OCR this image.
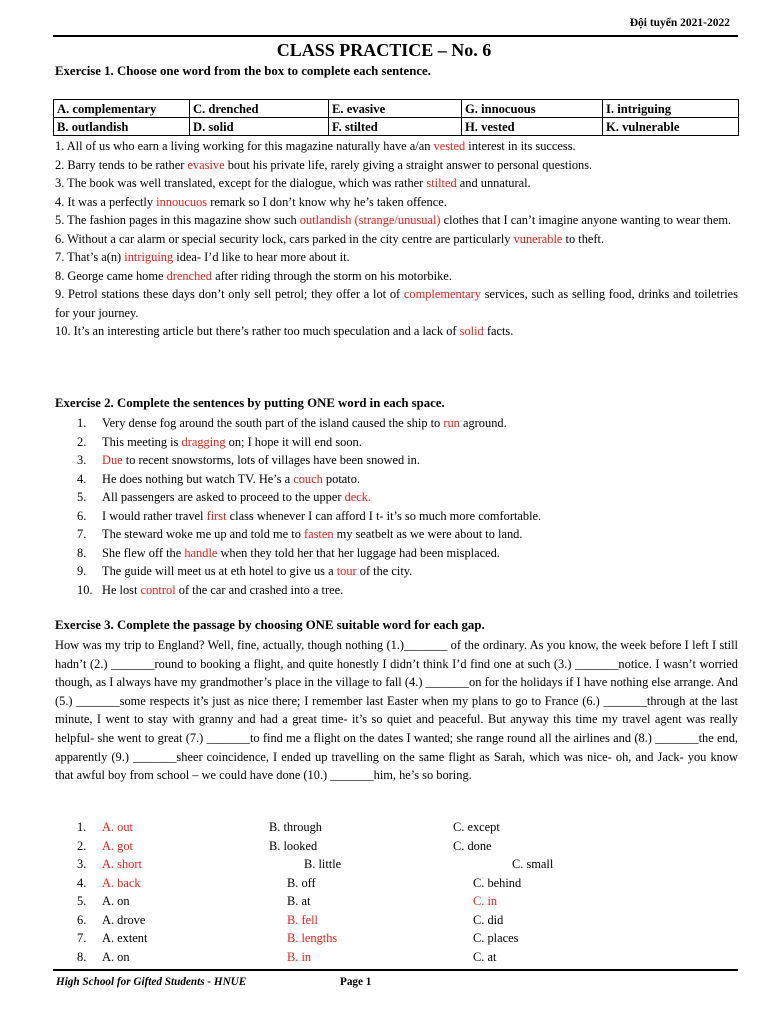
Đội tuyển 2021-2022
CLASS PRACTICE – No. 6
Exercise 1. Choose one word from the box to complete each sentence.
A. complementary	C. drenched	E. evasive	G. innocuous	I. intriguing
B. outlandish	D. solid	F. stilted	H. vested	K. vulnerable

1. All of us who earn a living working for this magazine naturally have a/an vested interest in its success.

2. Barry tends to be rather evasive bout his private life, rarely giving a straight answer to personal questions.

3. The book was well translated, except for the dialogue, which was rather stilted and unnatural.

4. It was a perfectly innoucuos remark so I don’t know why he’s taken offence.

5. The fashion pages in this magazine show such outlandish (strange/unusual) clothes that I can’t imagine anyone wanting to wear them.

6. Without a car alarm or special security lock, cars parked in the city centre are particularly vunerable to theft.

7. That’s a(n) intriguing idea- I’d like to hear more about it.

8. George came home drenched after riding through the storm on his motorbike.

9. Petrol stations these days don’t only sell petrol; they offer a lot of complementary services, such as selling food, drinks and toiletries for your journey.

10. It’s an interesting article but there’s rather too much speculation and a lack of solid facts.

Exercise 2. Complete the sentences by putting ONE word in each space.
1. Very dense fog around the south part of the island caused the ship to run aground.
2. This meeting is dragging on; I hope it will end soon.
3. Due to recent snowstorms, lots of villages have been snowed in.
4. He does nothing but watch TV. He’s a couch potato.
5. All passengers are asked to proceed to the upper deck.
6. I would rather travel first class whenever I can afford I t- it’s so much more comfortable.
7. The steward woke me up and told me to fasten my seatbelt as we were about to land.
8. She flew off the handle when they told her that her luggage had been misplaced.
9. The guide will meet us at eth hotel to give us a tour of the city.
10. He lost control of the car and crashed into a tree.
Exercise 3. Complete the passage by choosing ONE suitable word for each gap.

How was my trip to England? Well, fine, actually, though nothing (1.)_______ of the ordinary. As you know, the week before I left I still hadn’t (2.) _______round to booking a flight, and quite honestly I didn’t think I’d find one at such (3.) _______notice. I wasn’t worried though, as I always have my grandmother’s place in the village to fall (4.) _______on for the holidays if I have nothing else arrange. And (5.) _______some respects it’s just as nice there; I remember last Easter when my plans to go to France (6.) _______through at the last minute, I went to stay with granny and had a great time- it’s so quiet and peaceful. But anyway this time my travel agent was really helpful- she went to great (7.) _______to find me a flight on the dates I wanted; she range round all the airlines and (8.) _______the end, apparently (9.) _______sheer coincidence, I ended up travelling on the same flight as Sarah, which was nice- oh, and Jack- you know that awful boy from school – we could have done (10.) _______him, he’s so boring.

1. A. out	B. through	C. except
2. A. got	B. looked	C. done
3. A. short	B. little	C. small
4. A. back	B. off	C. behind
5. A. on	B. at	C. in
6. A. drove	B. fell	C. did
7. A. extent	B. lengths	C. places
8. A. on	B. in	C. at
High School for Gifted Students - HNUE	Page 1
